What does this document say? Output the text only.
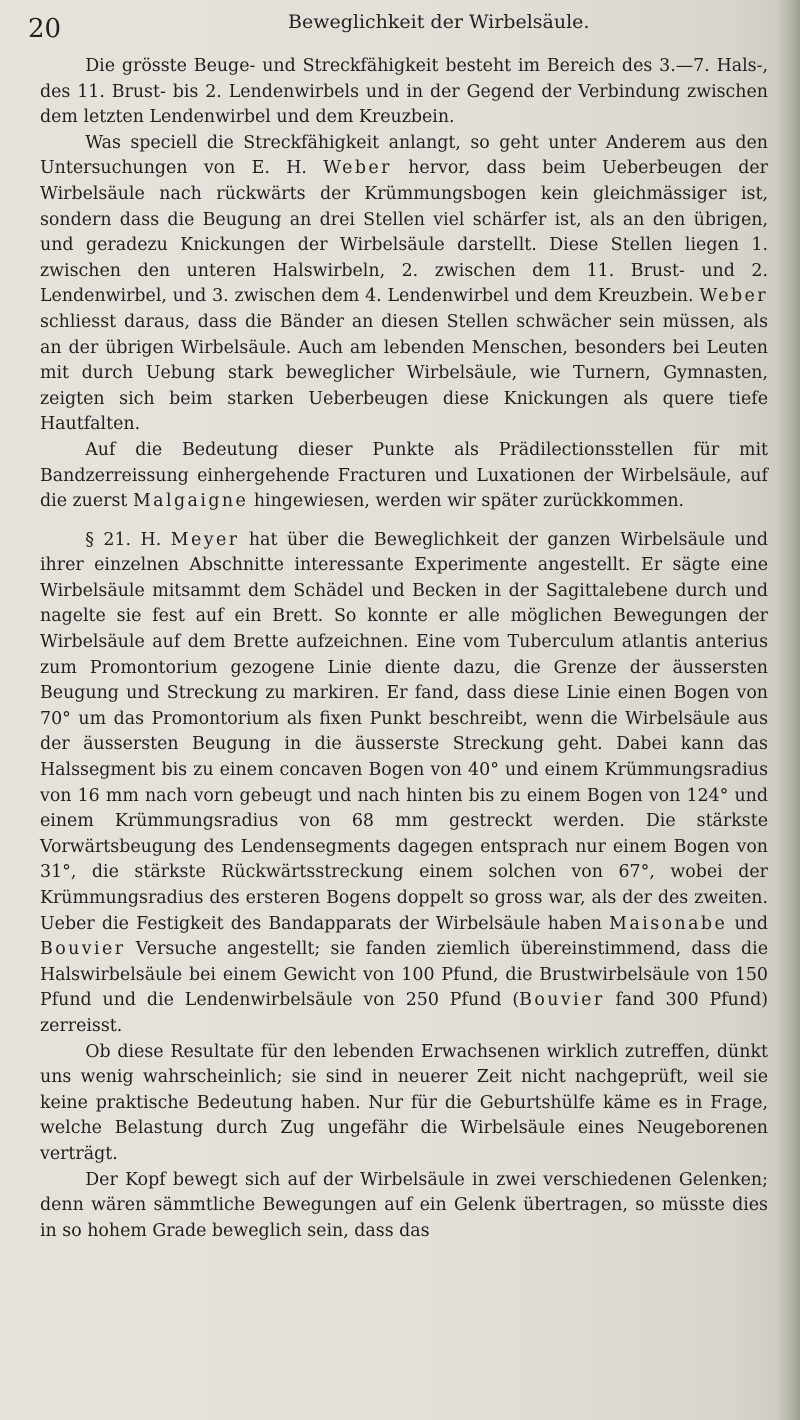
20	Beweglichkeit der Wirbelsäule.

Die grösste Beuge- und Streckfähigkeit besteht im Bereich des 3.—7. Hals-, des 11. Brust- bis 2. Lendenwirbels und in der Gegend der Verbindung zwischen dem letzten Lendenwirbel und dem Kreuzbein.

Was speciell die Streckfähigkeit anlangt, so geht unter Anderem aus den Untersuchungen von E. H. Weber hervor, dass beim Ueberbeugen der Wirbelsäule nach rückwärts der Krümmungsbogen kein gleichmässiger ist, sondern dass die Beugung an drei Stellen viel schärfer ist, als an den übrigen, und geradezu Knickungen der Wirbelsäule darstellt. Diese Stellen liegen 1. zwischen den unteren Halswirbeln, 2. zwischen dem 11. Brust- und 2. Lendenwirbel, und 3. zwischen dem 4. Lendenwirbel und dem Kreuzbein. Weber schliesst daraus, dass die Bänder an diesen Stellen schwächer sein müssen, als an der übrigen Wirbelsäule. Auch am lebenden Menschen, besonders bei Leuten mit durch Uebung stark beweglicher Wirbelsäule, wie Turnern, Gymnasten, zeigten sich beim starken Ueberbeugen diese Knickungen als quere tiefe Hautfalten.

Auf die Bedeutung dieser Punkte als Prädilectionsstellen für mit Bandzerreissung einhergehende Fracturen und Luxationen der Wirbelsäule, auf die zuerst Malgaigne hingewiesen, werden wir später zurückkommen.

§ 21. H. Meyer hat über die Beweglichkeit der ganzen Wirbelsäule und ihrer einzelnen Abschnitte interessante Experimente angestellt. Er sägte eine Wirbelsäule mitsammt dem Schädel und Becken in der Sagittalebene durch und nagelte sie fest auf ein Brett. So konnte er alle möglichen Bewegungen der Wirbelsäule auf dem Brette aufzeichnen. Eine vom Tuberculum atlantis anterius zum Promontorium gezogene Linie diente dazu, die Grenze der äussersten Beugung und Streckung zu markiren. Er fand, dass diese Linie einen Bogen von 70° um das Promontorium als fixen Punkt beschreibt, wenn die Wirbelsäule aus der äussersten Beugung in die äusserste Streckung geht. Dabei kann das Halssegment bis zu einem concaven Bogen von 40° und einem Krümmungsradius von 16 mm nach vorn gebeugt und nach hinten bis zu einem Bogen von 124° und einem Krümmungsradius von 68 mm gestreckt werden. Die stärkste Vorwärtsbeugung des Lendensegments dagegen entsprach nur einem Bogen von 31°, die stärkste Rückwärtsstreckung einem solchen von 67°, wobei der Krümmungsradius des ersteren Bogens doppelt so gross war, als der des zweiten. Ueber die Festigkeit des Bandapparats der Wirbelsäule haben Maisonabe und Bouvier Versuche angestellt; sie fanden ziemlich übereinstimmend, dass die Halswirbelsäule bei einem Gewicht von 100 Pfund, die Brustwirbelsäule von 150 Pfund und die Lendenwirbelsäule von 250 Pfund (Bouvier fand 300 Pfund) zerreisst.

Ob diese Resultate für den lebenden Erwachsenen wirklich zutreffen, dünkt uns wenig wahrscheinlich; sie sind in neuerer Zeit nicht nachgeprüft, weil sie keine praktische Bedeutung haben. Nur für die Geburtshülfe käme es in Frage, welche Belastung durch Zug ungefähr die Wirbelsäule eines Neugeborenen verträgt.

Der Kopf bewegt sich auf der Wirbelsäule in zwei verschiedenen Gelenken; denn wären sämmtliche Bewegungen auf ein Gelenk übertragen, so müsste dies in so hohem Grade beweglich sein, dass das
